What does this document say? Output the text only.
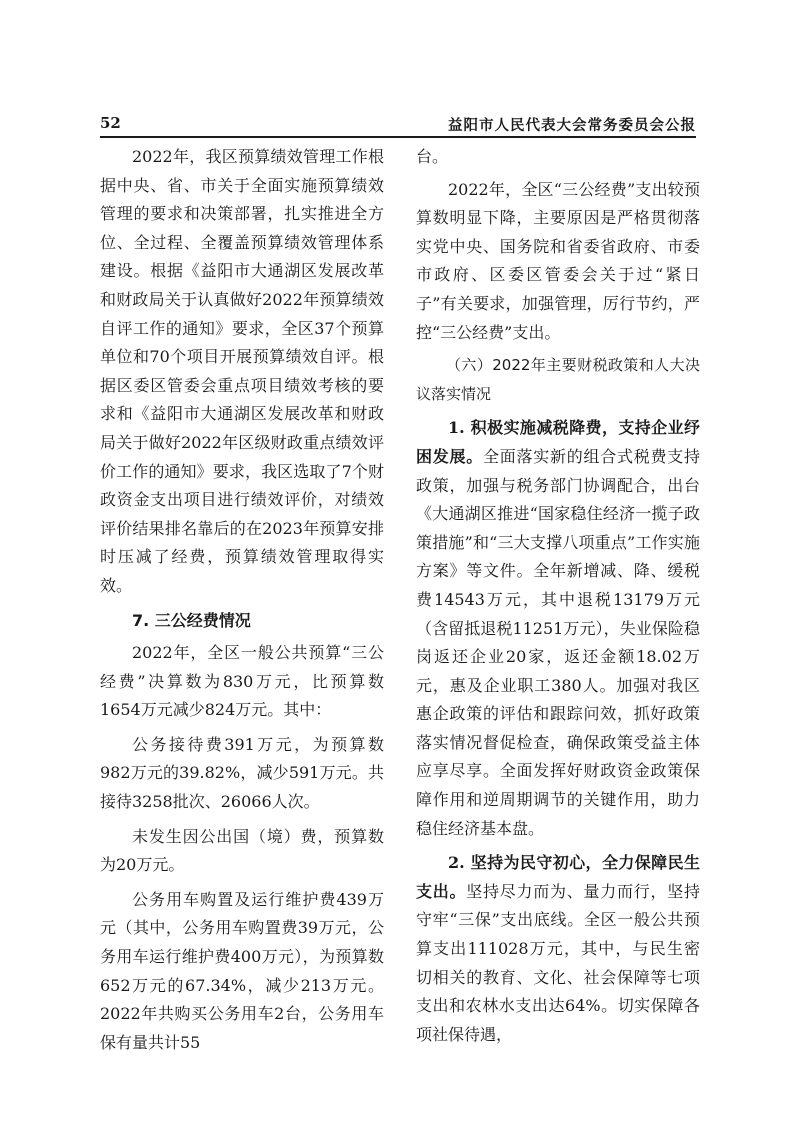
52	益阳市人民代表大会常务委员会公报

2022年，我区预算绩效管理工作根据中央、省、市关于全面实施预算绩效管理的要求和决策部署，扎实推进全方位、全过程、全覆盖预算绩效管理体系建设。根据《益阳市大通湖区发展改革和财政局关于认真做好2022年预算绩效自评工作的通知》要求，全区37个预算单位和70个项目开展预算绩效自评。根据区委区管委会重点项目绩效考核的要求和《益阳市大通湖区发展改革和财政局关于做好2022年区级财政重点绩效评价工作的通知》要求，我区选取了7个财政资金支出项目进行绩效评价，对绩效评价结果排名靠后的在2023年预算安排时压减了经费，预算绩效管理取得实效。

7. 三公经费情况

2022年，全区一般公共预算“三公经费”决算数为830万元，比预算数1654万元减少824万元。其中：

公务接待费391万元，为预算数982万元的39.82%，减少591万元。共接待3258批次、26066人次。

未发生因公出国（境）费，预算数为20万元。

公务用车购置及运行维护费439万元（其中，公务用车购置费39万元，公务用车运行维护费400万元），为预算数652万元的67.34%，减少213万元。2022年共购买公务用车2台，公务用车保有量共计55

台。

2022年，全区“三公经费”支出较预算数明显下降，主要原因是严格贯彻落实党中央、国务院和省委省政府、市委市政府、区委区管委会关于过“紧日子”有关要求，加强管理，厉行节约，严控“三公经费”支出。

（六）2022年主要财税政策和人大决议落实情况

1. 积极实施减税降费，支持企业纾困发展。全面落实新的组合式税费支持政策，加强与税务部门协调配合，出台《大通湖区推进“国家稳住经济一揽子政策措施”和“三大支撑八项重点”工作实施方案》等文件。全年新增减、降、缓税费14543万元，其中退税13179万元（含留抵退税11251万元），失业保险稳岗返还企业20家，返还金额18.02万元，惠及企业职工380人。加强对我区惠企政策的评估和跟踪问效，抓好政策落实情况督促检查，确保政策受益主体应享尽享。全面发挥好财政资金政策保障作用和逆周期调节的关键作用，助力稳住经济基本盘。

2. 坚持为民守初心，全力保障民生支出。坚持尽力而为、量力而行，坚持守牢“三保”支出底线。全区一般公共预算支出111028万元，其中，与民生密切相关的教育、文化、社会保障等七项支出和农林水支出达64%。切实保障各项社保待遇，
